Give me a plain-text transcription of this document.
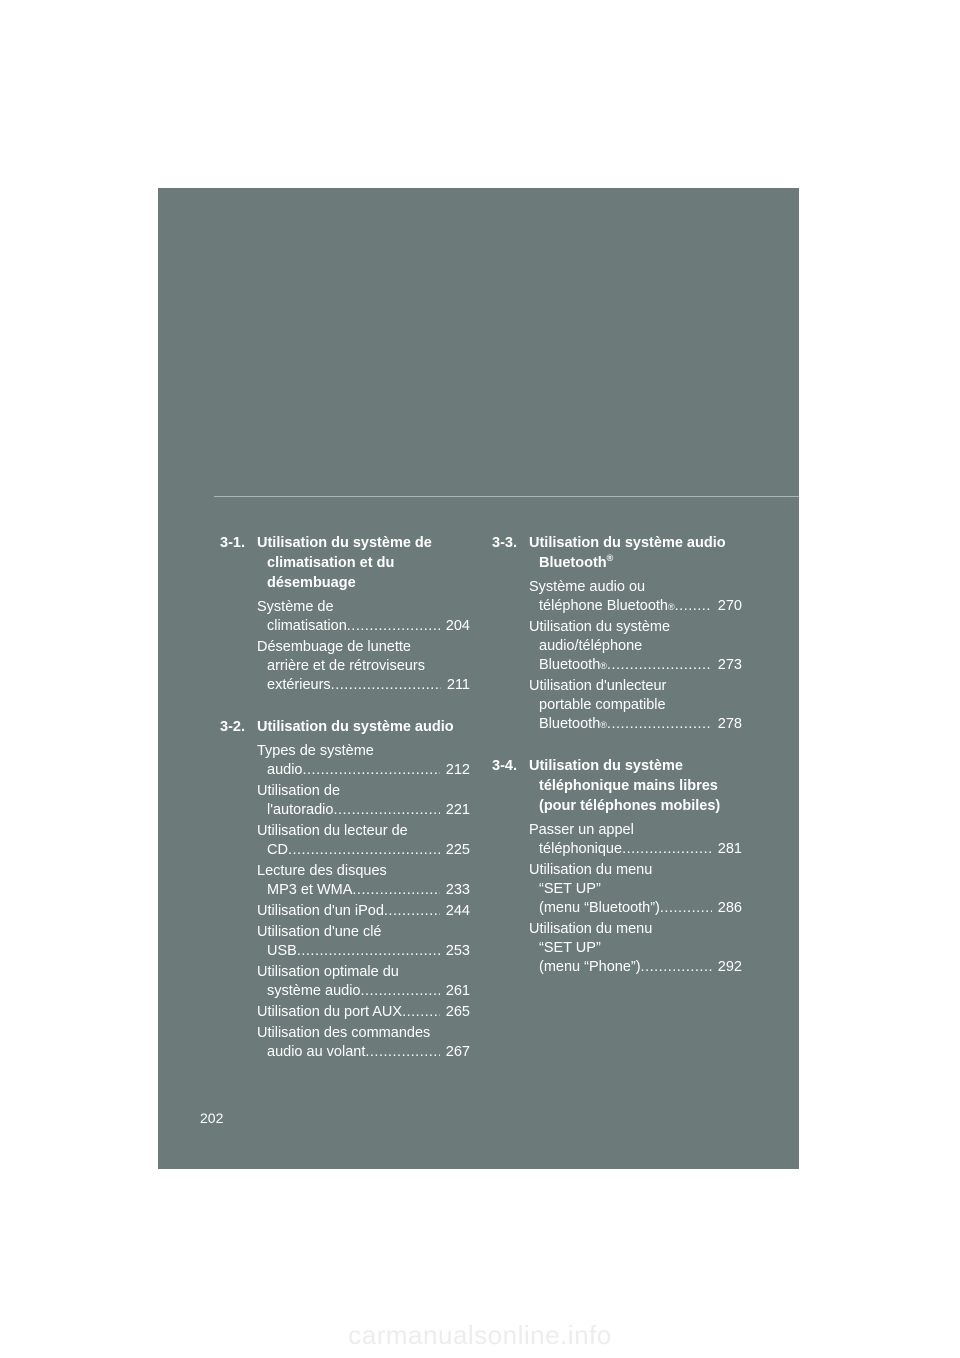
3-1. Utilisation du système de climatisation et du désembuage
Système de
climatisation .....	204
Désembuage de lunette
arrière et de rétroviseurs
extérieurs .....	211
3-2. Utilisation du système audio
Types de système
audio .....	212
Utilisation de
l'autoradio .....	221
Utilisation du lecteur de
CD .....	225
Lecture des disques
MP3 et WMA .....	233
Utilisation d'un iPod .....	244
Utilisation d'une clé
USB .....	253
Utilisation optimale du
système audio .....	261
Utilisation du port AUX .....	265
Utilisation des commandes
audio au volant .....	267
3-3. Utilisation du système audio Bluetooth®
Système audio ou
téléphone Bluetooth ® .....	270
Utilisation du système
audio/téléphone
Bluetooth ® .....	273
Utilisation d'unlecteur
portable compatible
Bluetooth ® .....	278
3-4. Utilisation du système téléphonique mains libres (pour téléphones mobiles)
Passer un appel
téléphonique .....	281
Utilisation du menu
“SET UP”
(menu “Bluetooth”) .....	286
Utilisation du menu
“SET UP”
(menu “Phone”) .....	292
202
carmanualsonline.info
